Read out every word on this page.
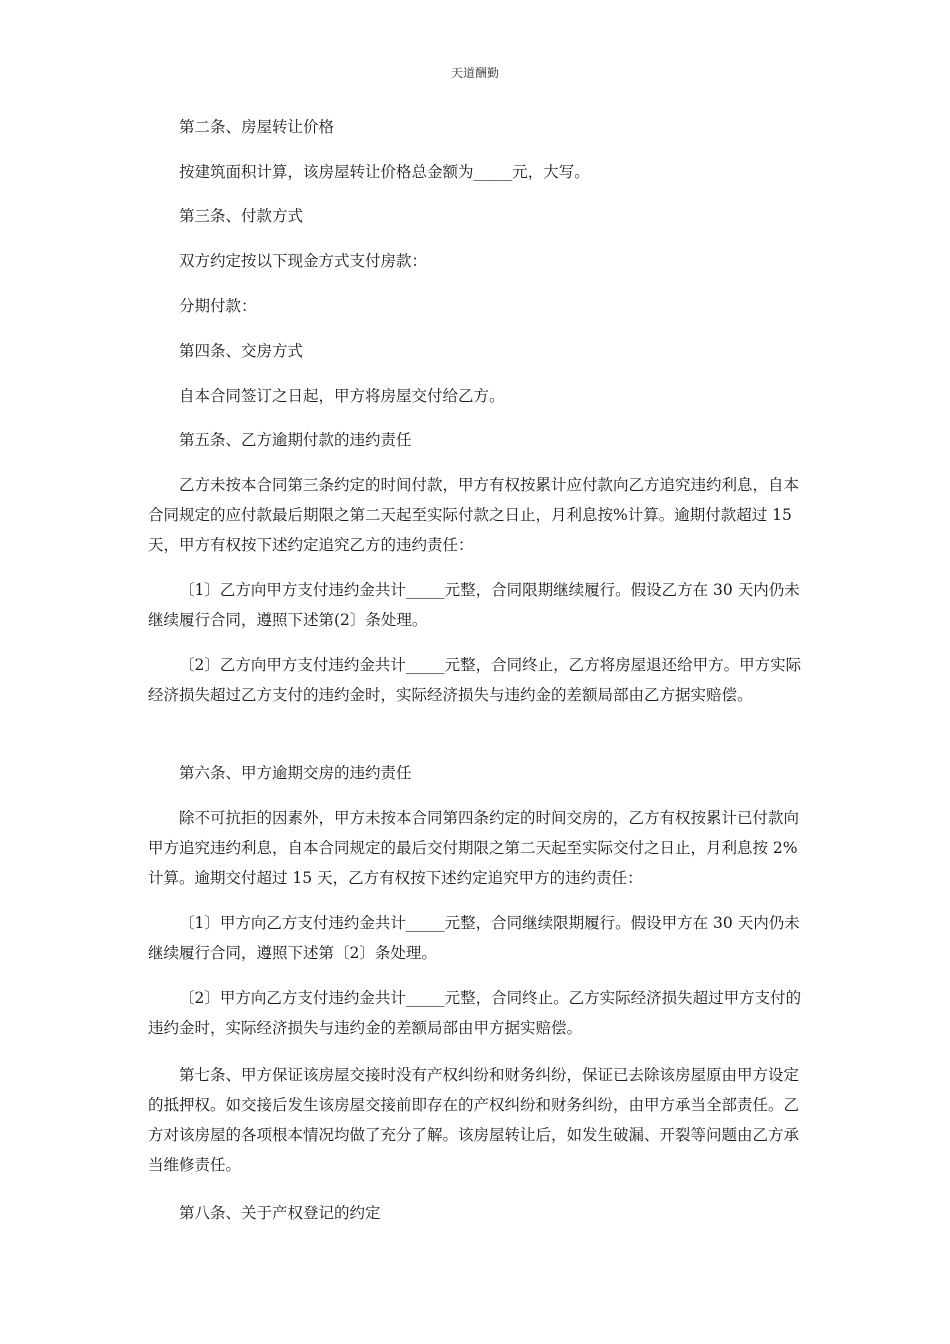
天道酬勤

第二条、房屋转让价格

按建筑面积计算，该房屋转让价格总金额为_____元，大写。

第三条、付款方式

双方约定按以下现金方式支付房款：

分期付款：

第四条、交房方式

自本合同签订之日起，甲方将房屋交付给乙方。

第五条、乙方逾期付款的违约责任

乙方未按本合同第三条约定的时间付款，甲方有权按累计应付款向乙方追究违约利息，自本合同规定的应付款最后期限之第二天起至实际付款之日止，月利息按%计算。逾期付款超过 15 天，甲方有权按下述约定追究乙方的违约责任：

〔1〕乙方向甲方支付违约金共计_____元整，合同限期继续履行。假设乙方在 30 天内仍未继续履行合同，遵照下述第(2〕条处理。

〔2〕乙方向甲方支付违约金共计_____元整，合同终止，乙方将房屋退还给甲方。甲方实际经济损失超过乙方支付的违约金时，实际经济损失与违约金的差额局部由乙方据实赔偿。

第六条、甲方逾期交房的违约责任

除不可抗拒的因素外，甲方未按本合同第四条约定的时间交房的，乙方有权按累计已付款向甲方追究违约利息，自本合同规定的最后交付期限之第二天起至实际交付之日止，月利息按 2%计算。逾期交付超过 15 天，乙方有权按下述约定追究甲方的违约责任：

〔1〕甲方向乙方支付违约金共计_____元整，合同继续限期履行。假设甲方在 30 天内仍未继续履行合同，遵照下述第〔2〕条处理。

〔2〕甲方向乙方支付违约金共计_____元整，合同终止。乙方实际经济损失超过甲方支付的违约金时，实际经济损失与违约金的差额局部由甲方据实赔偿。

第七条、甲方保证该房屋交接时没有产权纠纷和财务纠纷，保证已去除该房屋原由甲方设定的抵押权。如交接后发生该房屋交接前即存在的产权纠纷和财务纠纷，由甲方承当全部责任。乙方对该房屋的各项根本情况均做了充分了解。该房屋转让后，如发生破漏、开裂等问题由乙方承当维修责任。

第八条、关于产权登记的约定
